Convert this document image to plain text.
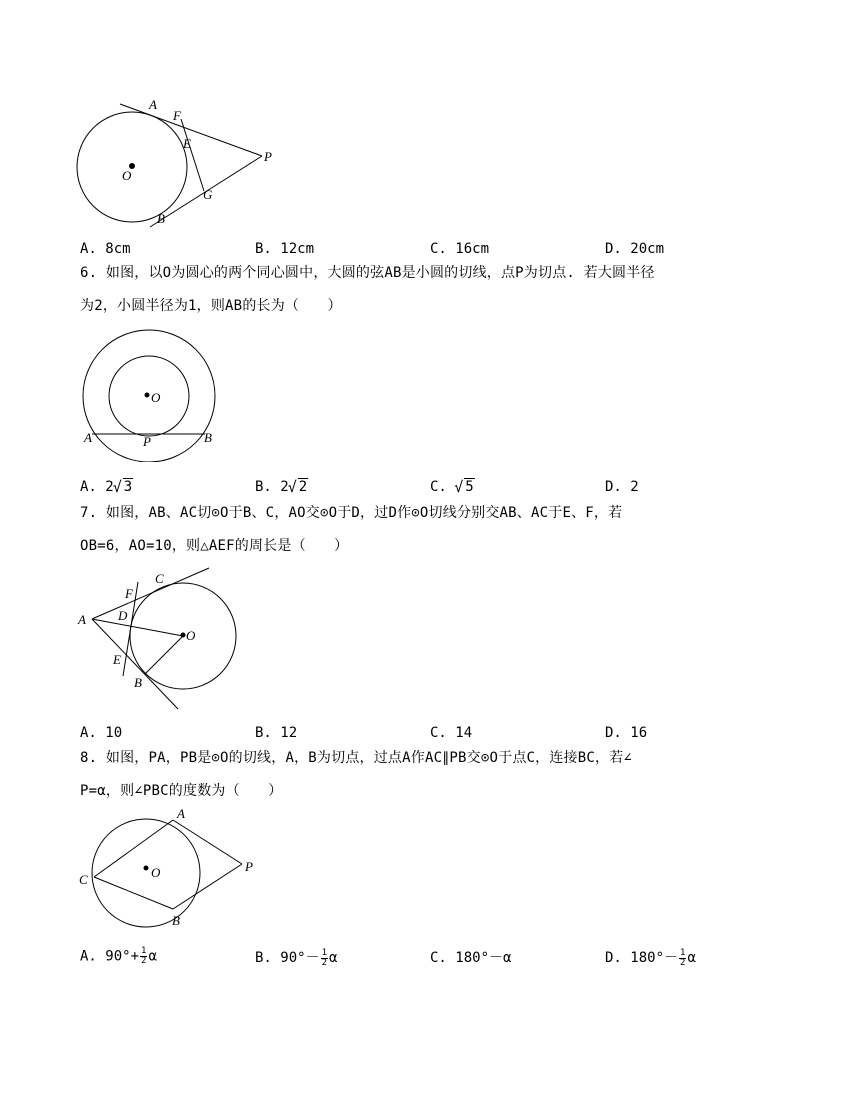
A
F
E
P
O
G
B
A. 8cm	B. 12cm	C. 16cm	D. 20cm
6. 如图，以O为圆心的两个同心圆中，大圆的弦AB是小圆的切线，点P为切点. 若大圆半径
为2，小圆半径为1，则AB的长为（　　）
O
A	P	B
A. 2 √ 3	B. 2 √ 2	C. √ 5	D. 2
7. 如图，AB、AC切⊙O于B、C，AO交⊙O于D，过D作⊙O切线分别交AB、AC于E、F，若
OB=6，AO=10，则△AEF的周长是（　　）
C
F
A D
O
E
B
A. 10	B. 12	C. 14	D. 16
8. 如图，PA，PB是⊙O的切线，A，B为切点，过点A作AC∥PB交⊙O于点C，连接BC，若∠
P=α，则∠PBC的度数为（　　）
A
C	O	P
B
A. $90^\circ+ \frac{1}{2}$ α	B. $90^\circ- \frac{1}{2}$ α	C. 180°－α	D. $180^\circ- \frac{1}{2}$ α
